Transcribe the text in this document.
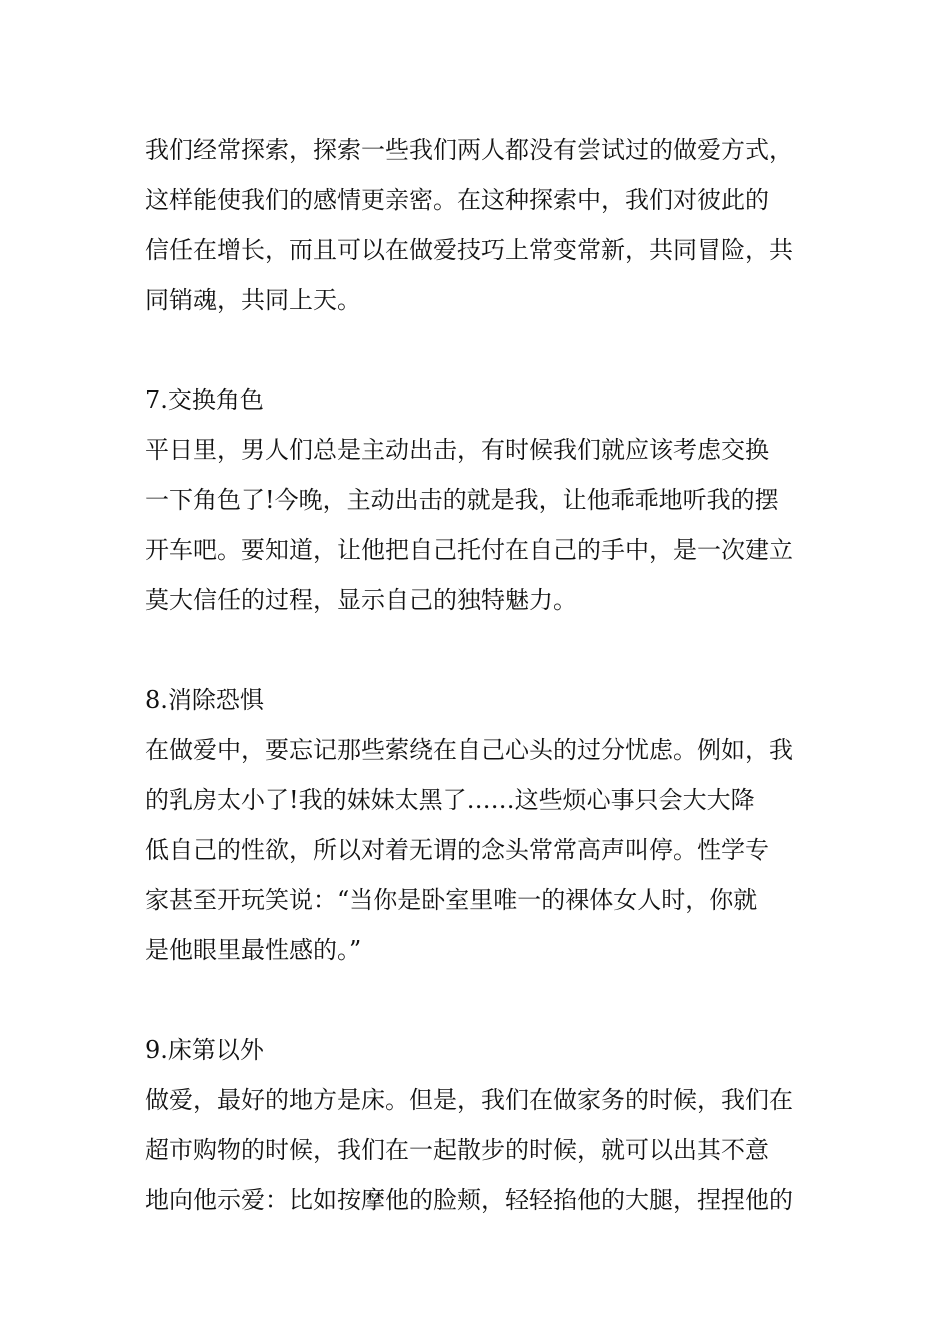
我们经常探索，探索一些我们两人都没有尝试过的做爱方式，
这样能使我们的感情更亲密。在这种探索中，我们对彼此的
信任在增长，而且可以在做爱技巧上常变常新，共同冒险，共
同销魂，共同上天。
7.交换角色
平日里，男人们总是主动出击，有时候我们就应该考虑交换
一下角色了!今晚，主动出击的就是我，让他乖乖地听我的摆
开车吧。要知道，让他把自己托付在自己的手中，是一次建立
莫大信任的过程，显示自己的独特魅力。
8.消除恐惧
在做爱中，要忘记那些萦绕在自己心头的过分忧虑。例如，我
的乳房太小了!我的妹妹太黑了……这些烦心事只会大大降
低自己的性欲，所以对着无谓的念头常常高声叫停。性学专
家甚至开玩笑说：“当你是卧室里唯一的裸体女人时，你就
是他眼里最性感的。”
9.床第以外
做爱，最好的地方是床。但是，我们在做家务的时候，我们在
超市购物的时候，我们在一起散步的时候，就可以出其不意
地向他示爱：比如按摩他的脸颊，轻轻掐他的大腿，捏捏他的
